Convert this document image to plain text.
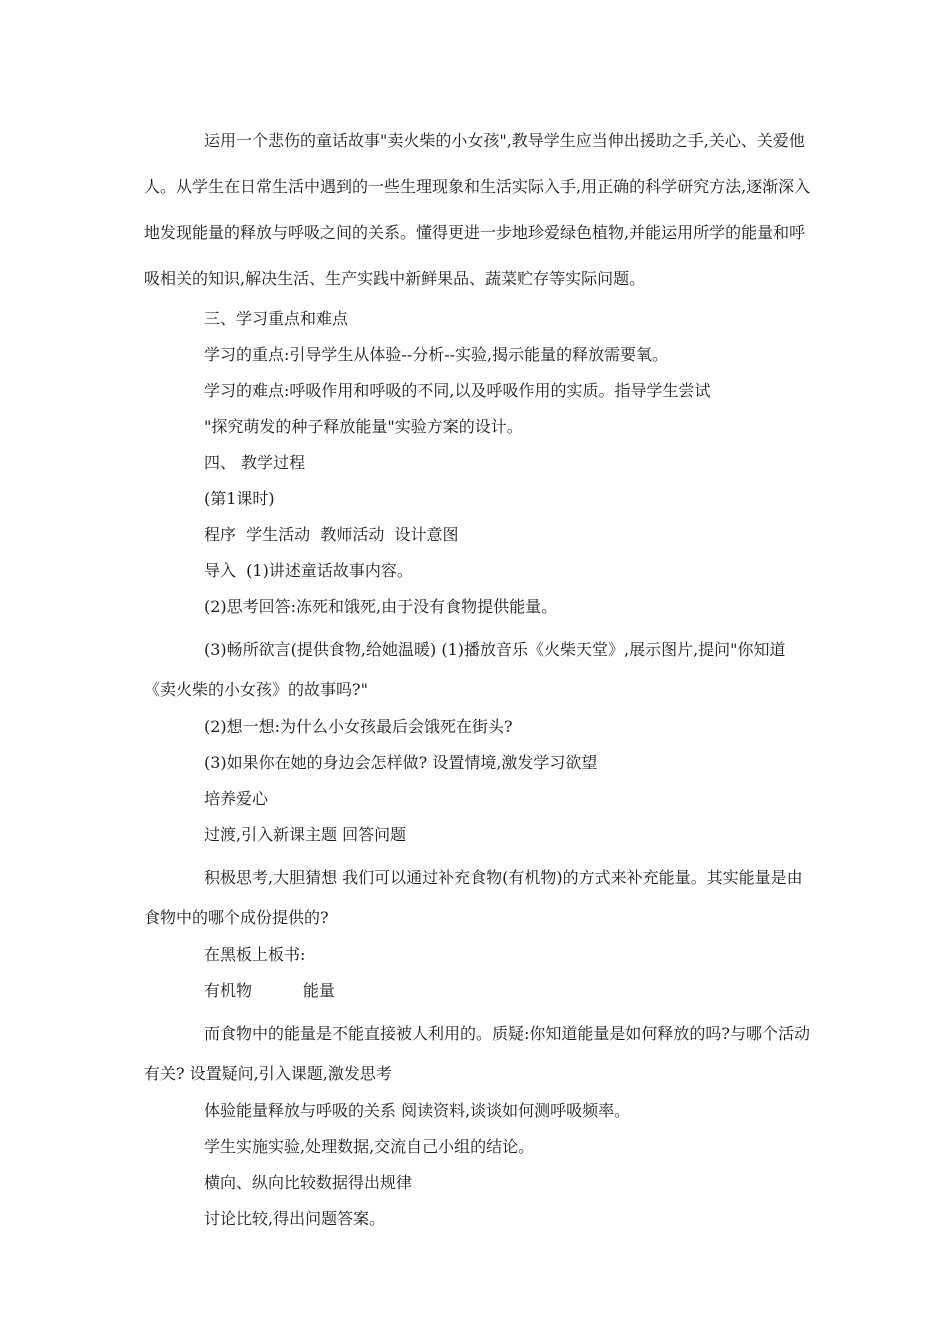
运用一个悲伤的童话故事"卖火柴的小女孩",教导学生应当伸出援助之手,关心、关爱他人。从学生在日常生活中遇到的一些生理现象和生活实际入手,用正确的科学研究方法,逐渐深入地发现能量的释放与呼吸之间的关系。懂得更进一步地珍爱绿色植物,并能运用所学的能量和呼吸相关的知识,解决生活、生产实践中新鲜果品、蔬菜贮存等实际问题。

三、学习重点和难点

学习的重点:引导学生从体验--分析--实验,揭示能量的释放需要氧。

学习的难点:呼吸作用和呼吸的不同,以及呼吸作用的实质。指导学生尝试

"探究萌发的种子释放能量"实验方案的设计。

四、 教学过程

(第1课时)

程序  学生活动  教师活动  设计意图

导入  (1)讲述童话故事内容。

(2)思考回答:冻死和饿死,由于没有食物提供能量。

(3)畅所欲言(提供食物,给她温暖) (1)播放音乐《火柴天堂》,展示图片,提问"你知道《卖火柴的小女孩》的故事吗?"

(2)想一想:为什么小女孩最后会饿死在街头?

(3)如果你在她的身边会怎样做? 设置情境,激发学习欲望

培养爱心

过渡,引入新课主题 回答问题

积极思考,大胆猜想 我们可以通过补充食物(有机物)的方式来补充能量。其实能量是由食物中的哪个成份提供的?

在黑板上板书:

有机物          能量

而食物中的能量是不能直接被人利用的。质疑:你知道能量是如何释放的吗?与哪个活动有关? 设置疑问,引入课题,激发思考

体验能量释放与呼吸的关系 阅读资料,谈谈如何测呼吸频率。

学生实施实验,处理数据,交流自己小组的结论。

横向、纵向比较数据得出规律

讨论比较,得出问题答案。
